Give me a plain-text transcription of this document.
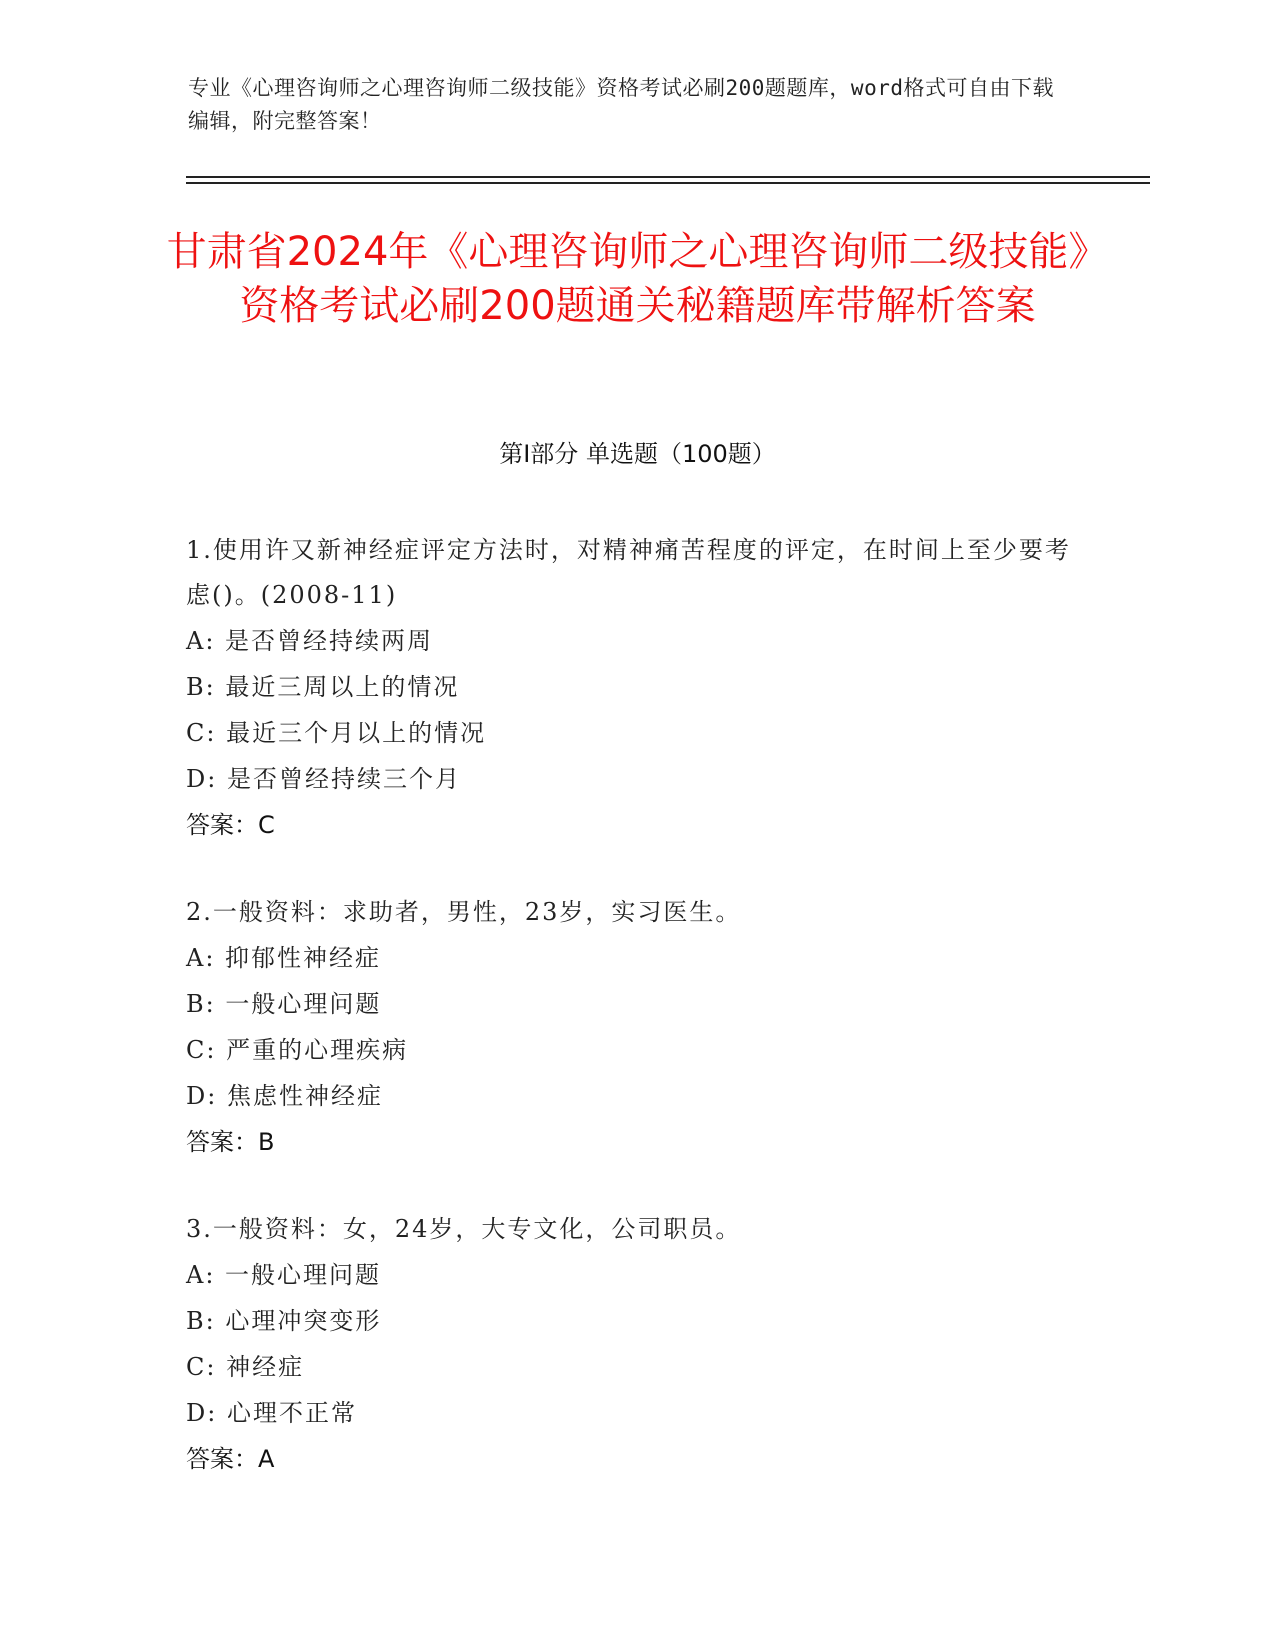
专业《心理咨询师之心理咨询师二级技能》资格考试必刷200题题库，word格式可自由下载编辑，附完整答案！
甘肃省2024年《心理咨询师之心理咨询师二级技能》资格考试必刷200题通关秘籍题库带解析答案
第I部分 单选题（100题）
1.使用许又新神经症评定方法时，对精神痛苦程度的评定，在时间上至少要考虑()。(2008-11)
A: 是否曾经持续两周
B: 最近三周以上的情况
C: 最近三个月以上的情况
D: 是否曾经持续三个月
答案：C
2.一般资料：求助者，男性，23岁，实习医生。
A: 抑郁性神经症
B: 一般心理问题
C: 严重的心理疾病
D: 焦虑性神经症
答案：B
3.一般资料：女，24岁，大专文化，公司职员。
A: 一般心理问题
B: 心理冲突变形
C: 神经症
D: 心理不正常
答案：A
